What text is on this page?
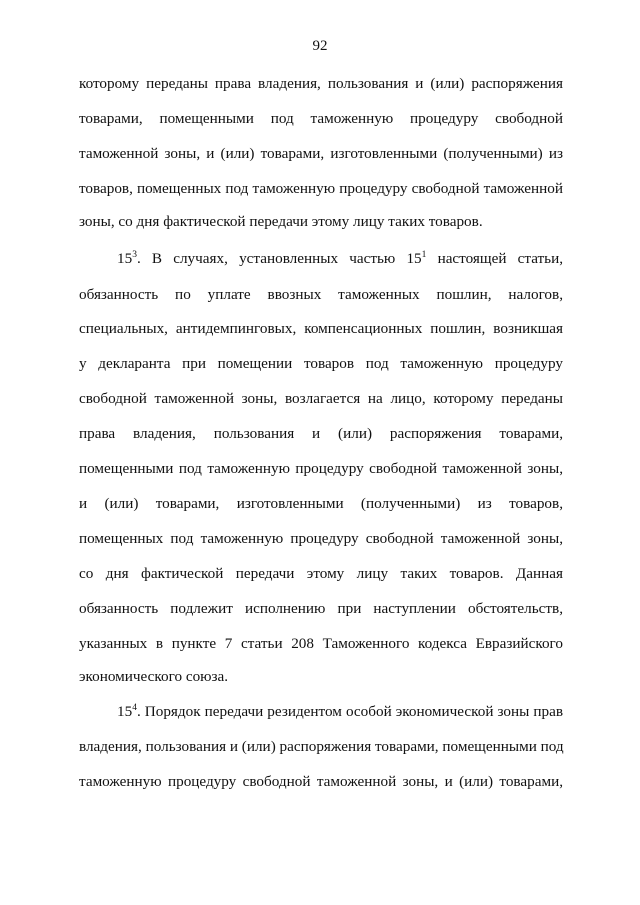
92
которому переданы права владения, пользования и (или) распоряжения
товарами, помещенными под таможенную процедуру свободной
таможенной зоны, и (или) товарами, изготовленными (полученными) из
товаров, помещенных под таможенную процедуру свободной таможенной
зоны, со дня фактической передачи этому лицу таких товаров.
$15^3$. В случаях, установленных частью $15^1$ настоящей статьи,
обязанность по уплате ввозных таможенных пошлин, налогов,
специальных, антидемпинговых, компенсационных пошлин, возникшая
у декларанта при помещении товаров под таможенную процедуру
свободной таможенной зоны, возлагается на лицо, которому переданы
права владения, пользования и (или) распоряжения товарами,
помещенными под таможенную процедуру свободной таможенной зоны,
и (или) товарами, изготовленными (полученными) из товаров,
помещенных под таможенную процедуру свободной таможенной зоны,
со дня фактической передачи этому лицу таких товаров. Данная
обязанность подлежит исполнению при наступлении обстоятельств,
указанных в пункте 7 статьи 208 Таможенного кодекса Евразийского
экономического союза.
$15^4$. Порядок передачи резидентом особой экономической зоны прав
владения, пользования и (или) распоряжения товарами, помещенными под
таможенную процедуру свободной таможенной зоны, и (или) товарами,
